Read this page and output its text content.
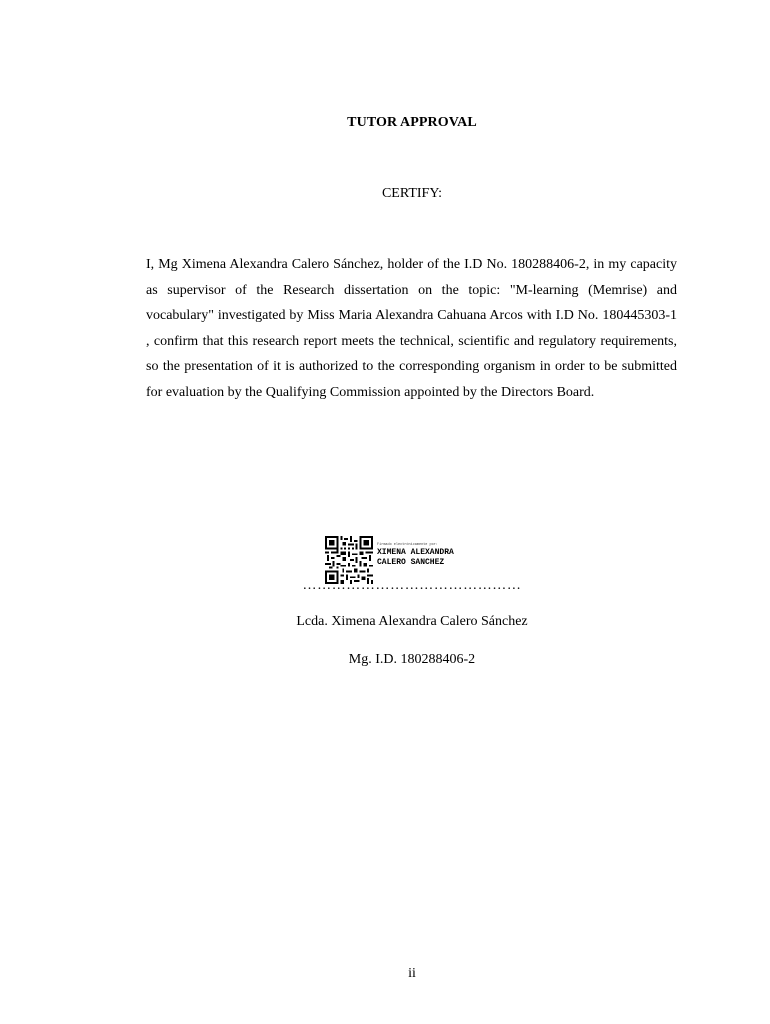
TUTOR APPROVAL
CERTIFY:
I, Mg Ximena Alexandra Calero Sánchez, holder of the I.D No. 180288406-2, in my capacity as supervisor of the Research dissertation on the topic: "M-learning (Memrise) and vocabulary" investigated by Miss Maria Alexandra Cahuana Arcos with I.D No. 180445303-1 , confirm that this research report meets the technical, scientific and regulatory requirements, so the presentation of it is authorized to the corresponding organism in order to be submitted for evaluation by the Qualifying Commission appointed by the Directors Board.
Firmado electrónicamente por:
XIMENA ALEXANDRA
CALERO SANCHEZ
………………………………………
Lcda. Ximena Alexandra Calero Sánchez
Mg. I.D. 180288406-2
ii
